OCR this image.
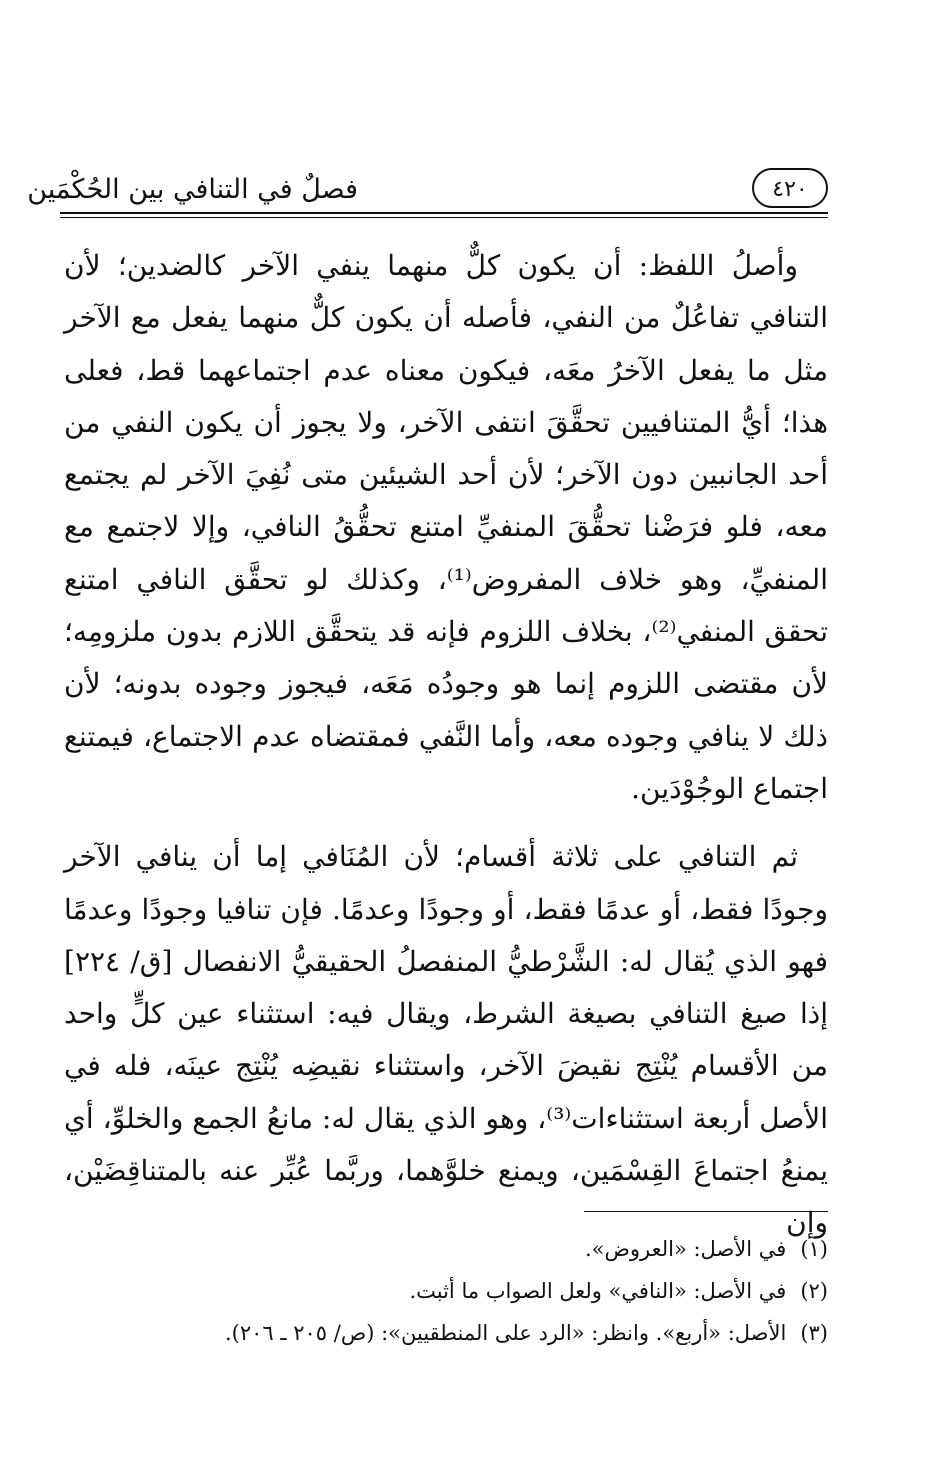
٤٢٠
فصلٌ في التنافي بين الحُكْمَين

وأصلُ اللفظ: أن يكون كلٌّ منهما ينفي الآخر كالضدين؛ لأن التنافي تفاعُلٌ من النفي، فأصله أن يكون كلٌّ منهما يفعل مع الآخر مثل ما يفعل الآخرُ معَه، فيكون معناه عدم اجتماعهما قط، فعلى هذا؛ أيُّ المتنافيين تحقَّقَ انتفى الآخر، ولا يجوز أن يكون النفي من أحد الجانبين دون الآخر؛ لأن أحد الشيئين متى نُفِيَ الآخر لم يجتمع معه، فلو فرَضْنا تحقُّقَ المنفيِّ امتنع تحقُّقُ النافي، وإلا لاجتمع مع المنفيِّ، وهو خلاف المفروض⁽¹⁾، وكذلك لو تحقَّق النافي امتنع تحقق المنفي⁽²⁾، بخلاف اللزوم فإنه قد يتحقَّق اللازم بدون ملزومِه؛ لأن مقتضى اللزوم إنما هو وجودُه مَعَه، فيجوز وجوده بدونه؛ لأن ذلك لا ينافي وجوده معه، وأما النَّفي فمقتضاه عدم الاجتماع، فيمتنع اجتماع الوجُوْدَين.

ثم التنافي على ثلاثة أقسام؛ لأن المُنَافي إما أن ينافي الآخر وجودًا فقط، أو عدمًا فقط، أو وجودًا وعدمًا. فإن تنافيا وجودًا وعدمًا فهو الذي يُقال له: الشَّرْطيُّ المنفصلُ الحقيقيُّ الانفصال [ق/ ٢٢٤] إذا صيغ التنافي بصيغة الشرط، ويقال فيه: استثناء عين كلٍّ واحد من الأقسام يُنْتِج نقيضَ الآخر، واستثناء نقيضِه يُنْتِج عينَه، فله في الأصل أربعة استثناءات⁽³⁾، وهو الذي يقال له: مانعُ الجمع والخلوِّ، أي يمنعُ اجتماعَ القِسْمَين، ويمنع خلوَّهما، وربَّما عُبِّر عنه بالمتناقِضَيْن، وإن

(١)في الأصل: «العروض».
(٢)في الأصل: «النافي» ولعل الصواب ما أثبت.
(٣)الأصل: «أربع». وانظر: «الرد على المنطقيين»: (ص/ ٢٠٥ ـ ٢٠٦).
